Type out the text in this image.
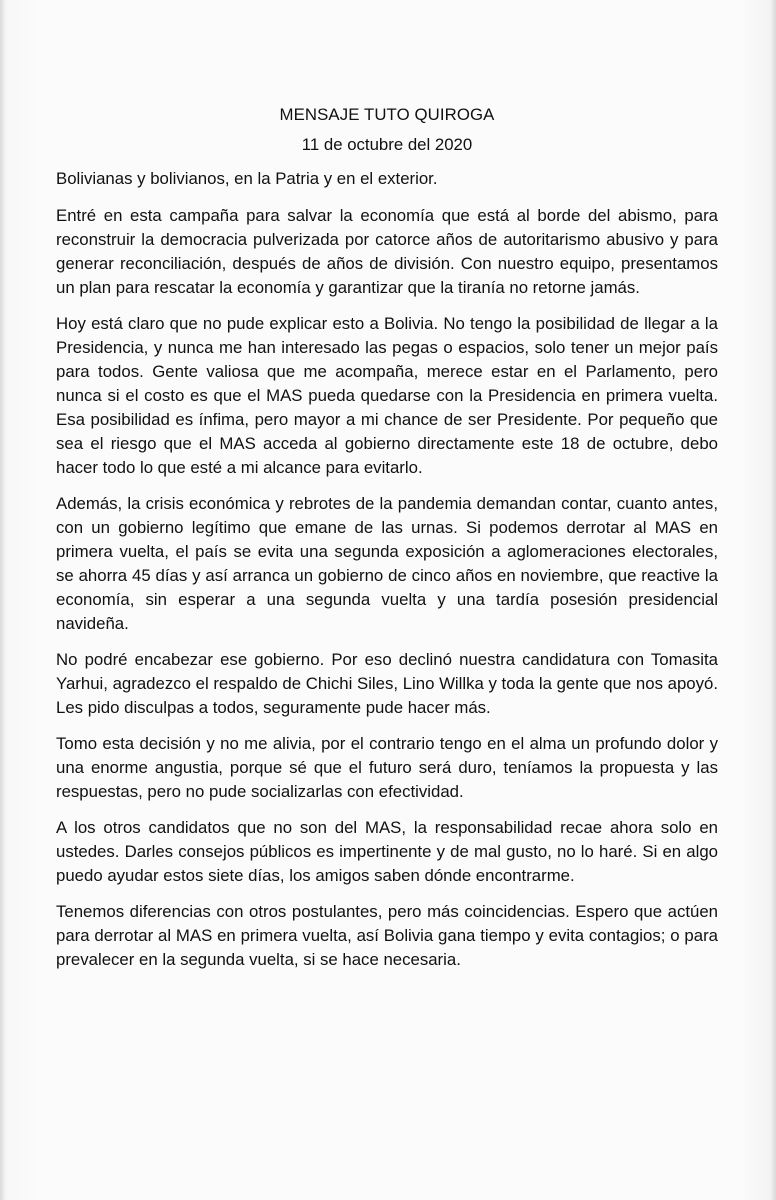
MENSAJE TUTO QUIROGA

11 de octubre del 2020

Bolivianas y bolivianos, en la Patria y en el exterior.

Entré en esta campaña para salvar la economía que está al borde del abismo, para reconstruir la democracia pulverizada por catorce años de autoritarismo abusivo y para generar reconciliación, después de años de división. Con nuestro equipo, presentamos un plan para rescatar la economía y garantizar que la tiranía no retorne jamás.

Hoy está claro que no pude explicar esto a Bolivia. No tengo la posibilidad de llegar a la Presidencia, y nunca me han interesado las pegas o espacios, solo tener un mejor país para todos. Gente valiosa que me acompaña, merece estar en el Parlamento, pero nunca si el costo es que el MAS pueda quedarse con la Presidencia en primera vuelta. Esa posibilidad es ínfima, pero mayor a mi chance de ser Presidente. Por pequeño que sea el riesgo que el MAS acceda al gobierno directamente este 18 de octubre, debo hacer todo lo que esté a mi alcance para evitarlo.

Además, la crisis económica y rebrotes de la pandemia demandan contar, cuanto antes, con un gobierno legítimo que emane de las urnas. Si podemos derrotar al MAS en primera vuelta, el país se evita una segunda exposición a aglomeraciones electorales, se ahorra 45 días y así arranca un gobierno de cinco años en noviembre, que reactive la economía, sin esperar a una segunda vuelta y una tardía posesión presidencial navideña.

No podré encabezar ese gobierno. Por eso declinó nuestra candidatura con Tomasita Yarhui, agradezco el respaldo de Chichi Siles, Lino Willka y toda la gente que nos apoyó. Les pido disculpas a todos, seguramente pude hacer más.

Tomo esta decisión y no me alivia, por el contrario tengo en el alma un profundo dolor y una enorme angustia, porque sé que el futuro será duro, teníamos la propuesta y las respuestas, pero no pude socializarlas con efectividad.

A los otros candidatos que no son del MAS, la responsabilidad recae ahora solo en ustedes. Darles consejos públicos es impertinente y de mal gusto, no lo haré. Si en algo puedo ayudar estos siete días, los amigos saben dónde encontrarme.

Tenemos diferencias con otros postulantes, pero más coincidencias. Espero que actúen para derrotar al MAS en primera vuelta, así Bolivia gana tiempo y evita contagios; o para prevalecer en la segunda vuelta, si se hace necesaria.
